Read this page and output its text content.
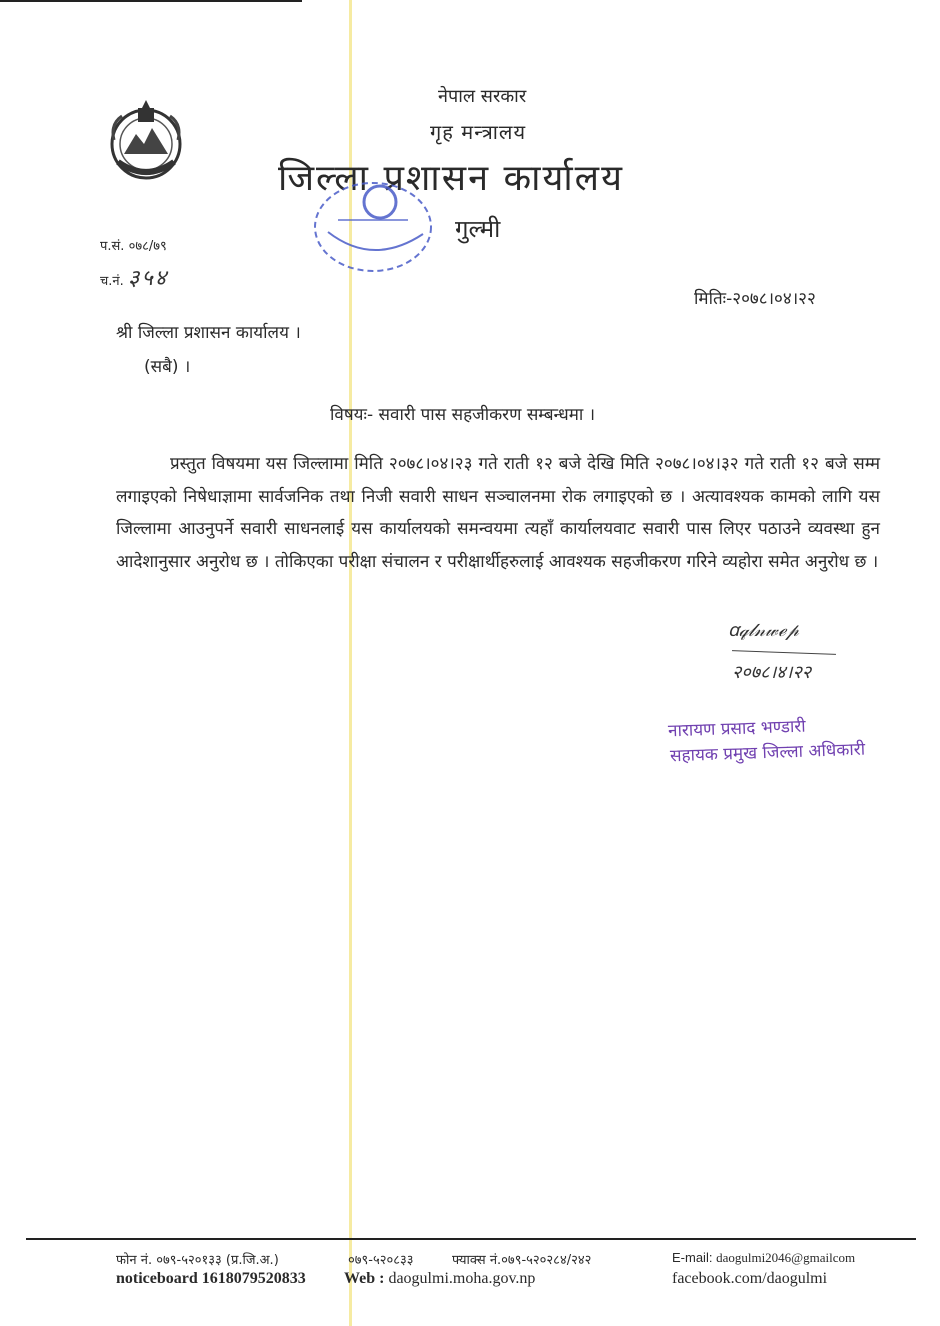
नेपाल सरकार
गृह मन्त्रालय
जिल्ला प्रशासन कार्यालय
गुल्मी
प.सं. ०७८/७९
च.नं. ३५४
मितिः-२०७८।०४।२२
श्री जिल्ला प्रशासन कार्यालय ।
(सबै) ।
विषयः- सवारी पास सहजीकरण सम्बन्धमा ।
प्रस्तुत विषयमा यस जिल्लामा मिति २०७८।०४।२३ गते राती १२ बजे देखि मिति २०७८।०४।३२ गते राती १२ बजे सम्म लगाइएको निषेधाज्ञामा सार्वजनिक तथा निजी सवारी साधन सञ्चालनमा रोक लगाइएको छ । अत्यावश्यक कामको लागि यस जिल्लामा आउनुपर्ने सवारी साधनलाई यस कार्यालयको समन्वयमा त्यहाँ कार्यालयवाट सवारी पास लिएर पठाउने व्यवस्था हुन आदेशानुसार अनुरोध छ । तोकिएका परीक्षा संचालन र परीक्षार्थीहरुलाई आवश्यक सहजीकरण गरिने व्यहोरा समेत अनुरोध छ ।
ꭤ𝓆𝓁𝓃𝓌ℯ𝓅
२०७८।४।२२
नारायण प्रसाद भण्डारी
सहायक प्रमुख जिल्ला अधिकारी
फोन नं. ०७९-५२०१३३ (प्र.जि.अ.)	०७९-५२०८३३	फ्याक्स नं.०७९-५२०२८४/२४२	E-mail: daogulmi2046@gmailcom
noticeboard 1618079520833 Web : daogulmi.moha.gov.np	facebook.com/daogulmi
